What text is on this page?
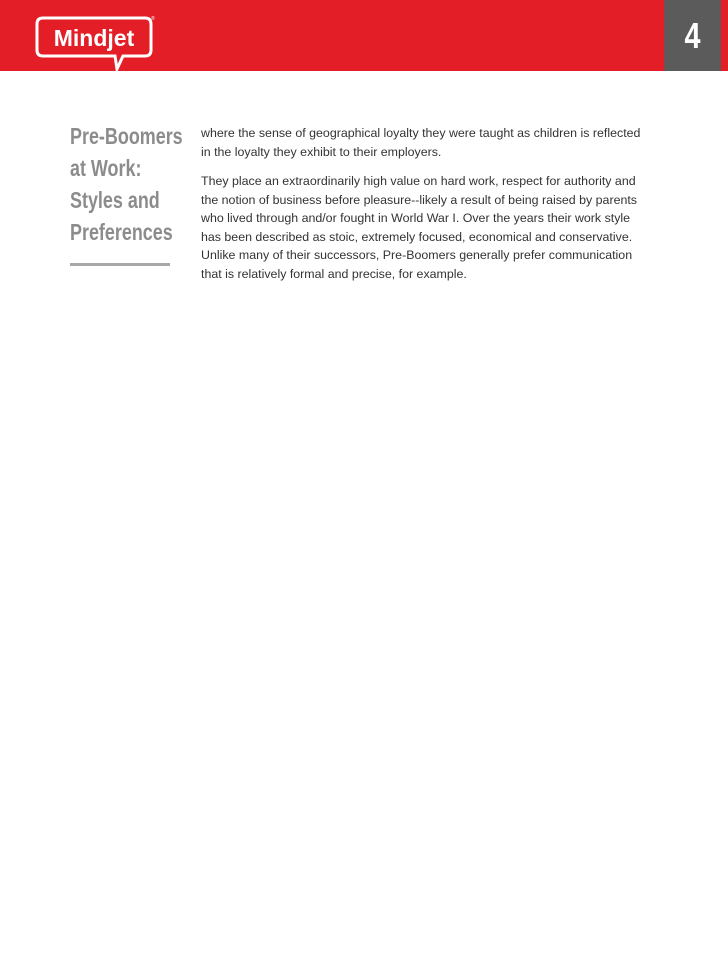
Mindjet
®	4
Pre-Boomers
at Work:
Styles and
Preferences

where the sense of geographical loyalty they were taught as children is reflected in the loyalty they exhibit to their employers.

They place an extraordinarily high value on hard work, respect for authority and the notion of business before pleasure--likely a result of being raised by parents who lived through and/or fought in World War I. Over the years their work style has been described as stoic, extremely focused, economical and conservative. Unlike many of their successors, Pre-Boomers generally prefer communication that is relatively formal and precise, for example.
